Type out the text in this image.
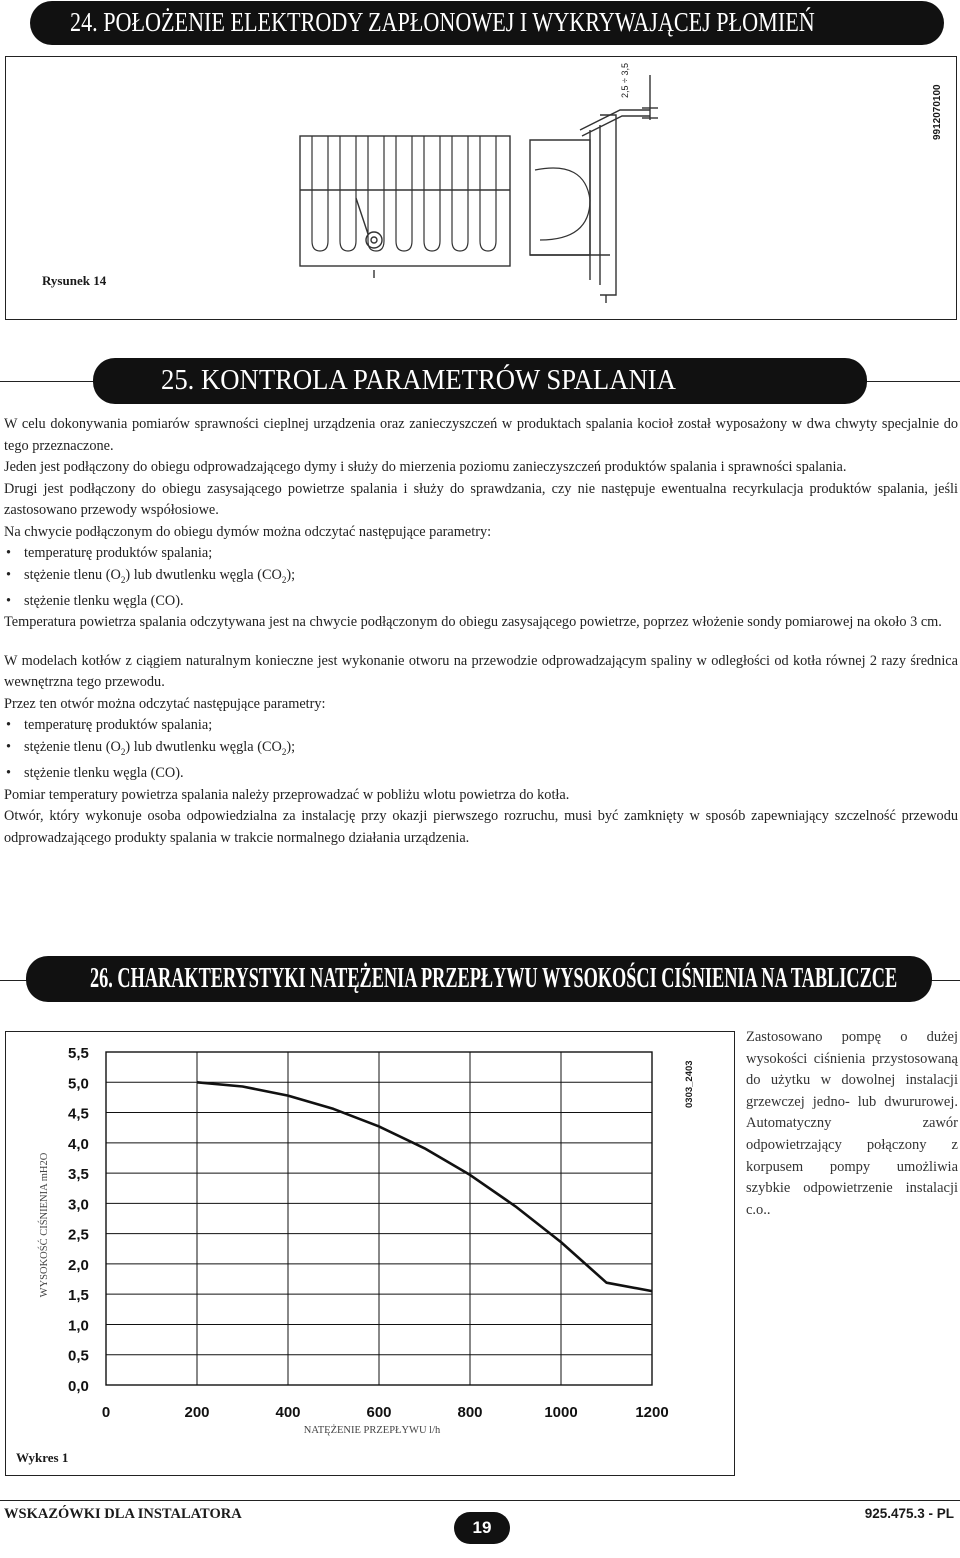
24. POŁOŻENIE ELEKTRODY ZAPŁONOWEJ I WYKRYWAJĄCEJ PŁOMIEŃ
2,5 ÷ 3,5
9912070100
Rysunek 14
25. KONTROLA PARAMETRÓW SPALANIA

W celu dokonywania pomiarów sprawności cieplnej urządzenia oraz zanieczyszczeń w produktach spalania kocioł został wyposażony w dwa chwyty specjalnie do tego przeznaczone.

Jeden jest podłączony do obiegu odprowadzającego dymy i służy do mierzenia poziomu zanieczyszczeń produktów spalania i sprawności spalania.

Drugi jest podłączony do obiegu zasysającego powietrze spalania i służy do sprawdzania, czy nie następuje ewentualna recyrkulacja produktów spalania, jeśli zastosowano przewody współosiowe.

Na chwycie podłączonym do obiegu dymów można odczytać następujące parametry:

• temperaturę produktów spalania;
• stężenie tlenu $(O_2)$ lub dwutlenku węgla $(CO_2)$;
• stężenie tlenku węgla (CO).

Temperatura powietrza spalania odczytywana jest na chwycie podłączonym do obiegu zasysającego powietrze, poprzez włożenie sondy pomiarowej na około 3 cm.

W modelach kotłów z ciągiem naturalnym konieczne jest wykonanie otworu na przewodzie odprowadzającym spaliny w odległości od kotła równej 2 razy średnica wewnętrzna tego przewodu.

Przez ten otwór można odczytać następujące parametry:

• temperaturę produktów spalania;
• stężenie tlenu $(O_2)$ lub dwutlenku węgla $(CO_2)$;
• stężenie tlenku węgla (CO).

Pomiar temperatury powietrza spalania należy przeprowadzać w pobliżu wlotu powietrza do kotła.

Otwór, który wykonuje osoba odpowiedzialna za instalację przy okazji pierwszego rozruchu, musi być zamknięty w sposób zapewniający szczelność przewodu odprowadzającego produkty spalania w trakcie normalnego działania urządzenia.

26. CHARAKTERYSTYKI NATĘŻENIA PRZEPŁYWU WYSOKOŚCI CIŚNIENIA NA TABLICZCE
0	200	400	600	800	1000	1200
0,0
0,5
1,0
1,5
2,0
2,5
3,0
3,5
4,0
4,5
5,0
5,5
NATĘŻENIE PRZEPŁYWU l/h
WYSOKOŚĆ CIŚNIENIA mH2O
0303_2403
Wykres 1
Zastosowano pompę o dużej wysokości ciśnienia przystosowaną do użytku w dowolnej instalacji grzewczej jedno- lub dwururowej. Automatyczny zawór odpowietrzający połączony z korpusem pompy umożliwia szybkie odpowietrzenie instalacji c.o..
WSKAZÓWKI DLA INSTALATORA
19
925.475.3 - PL
